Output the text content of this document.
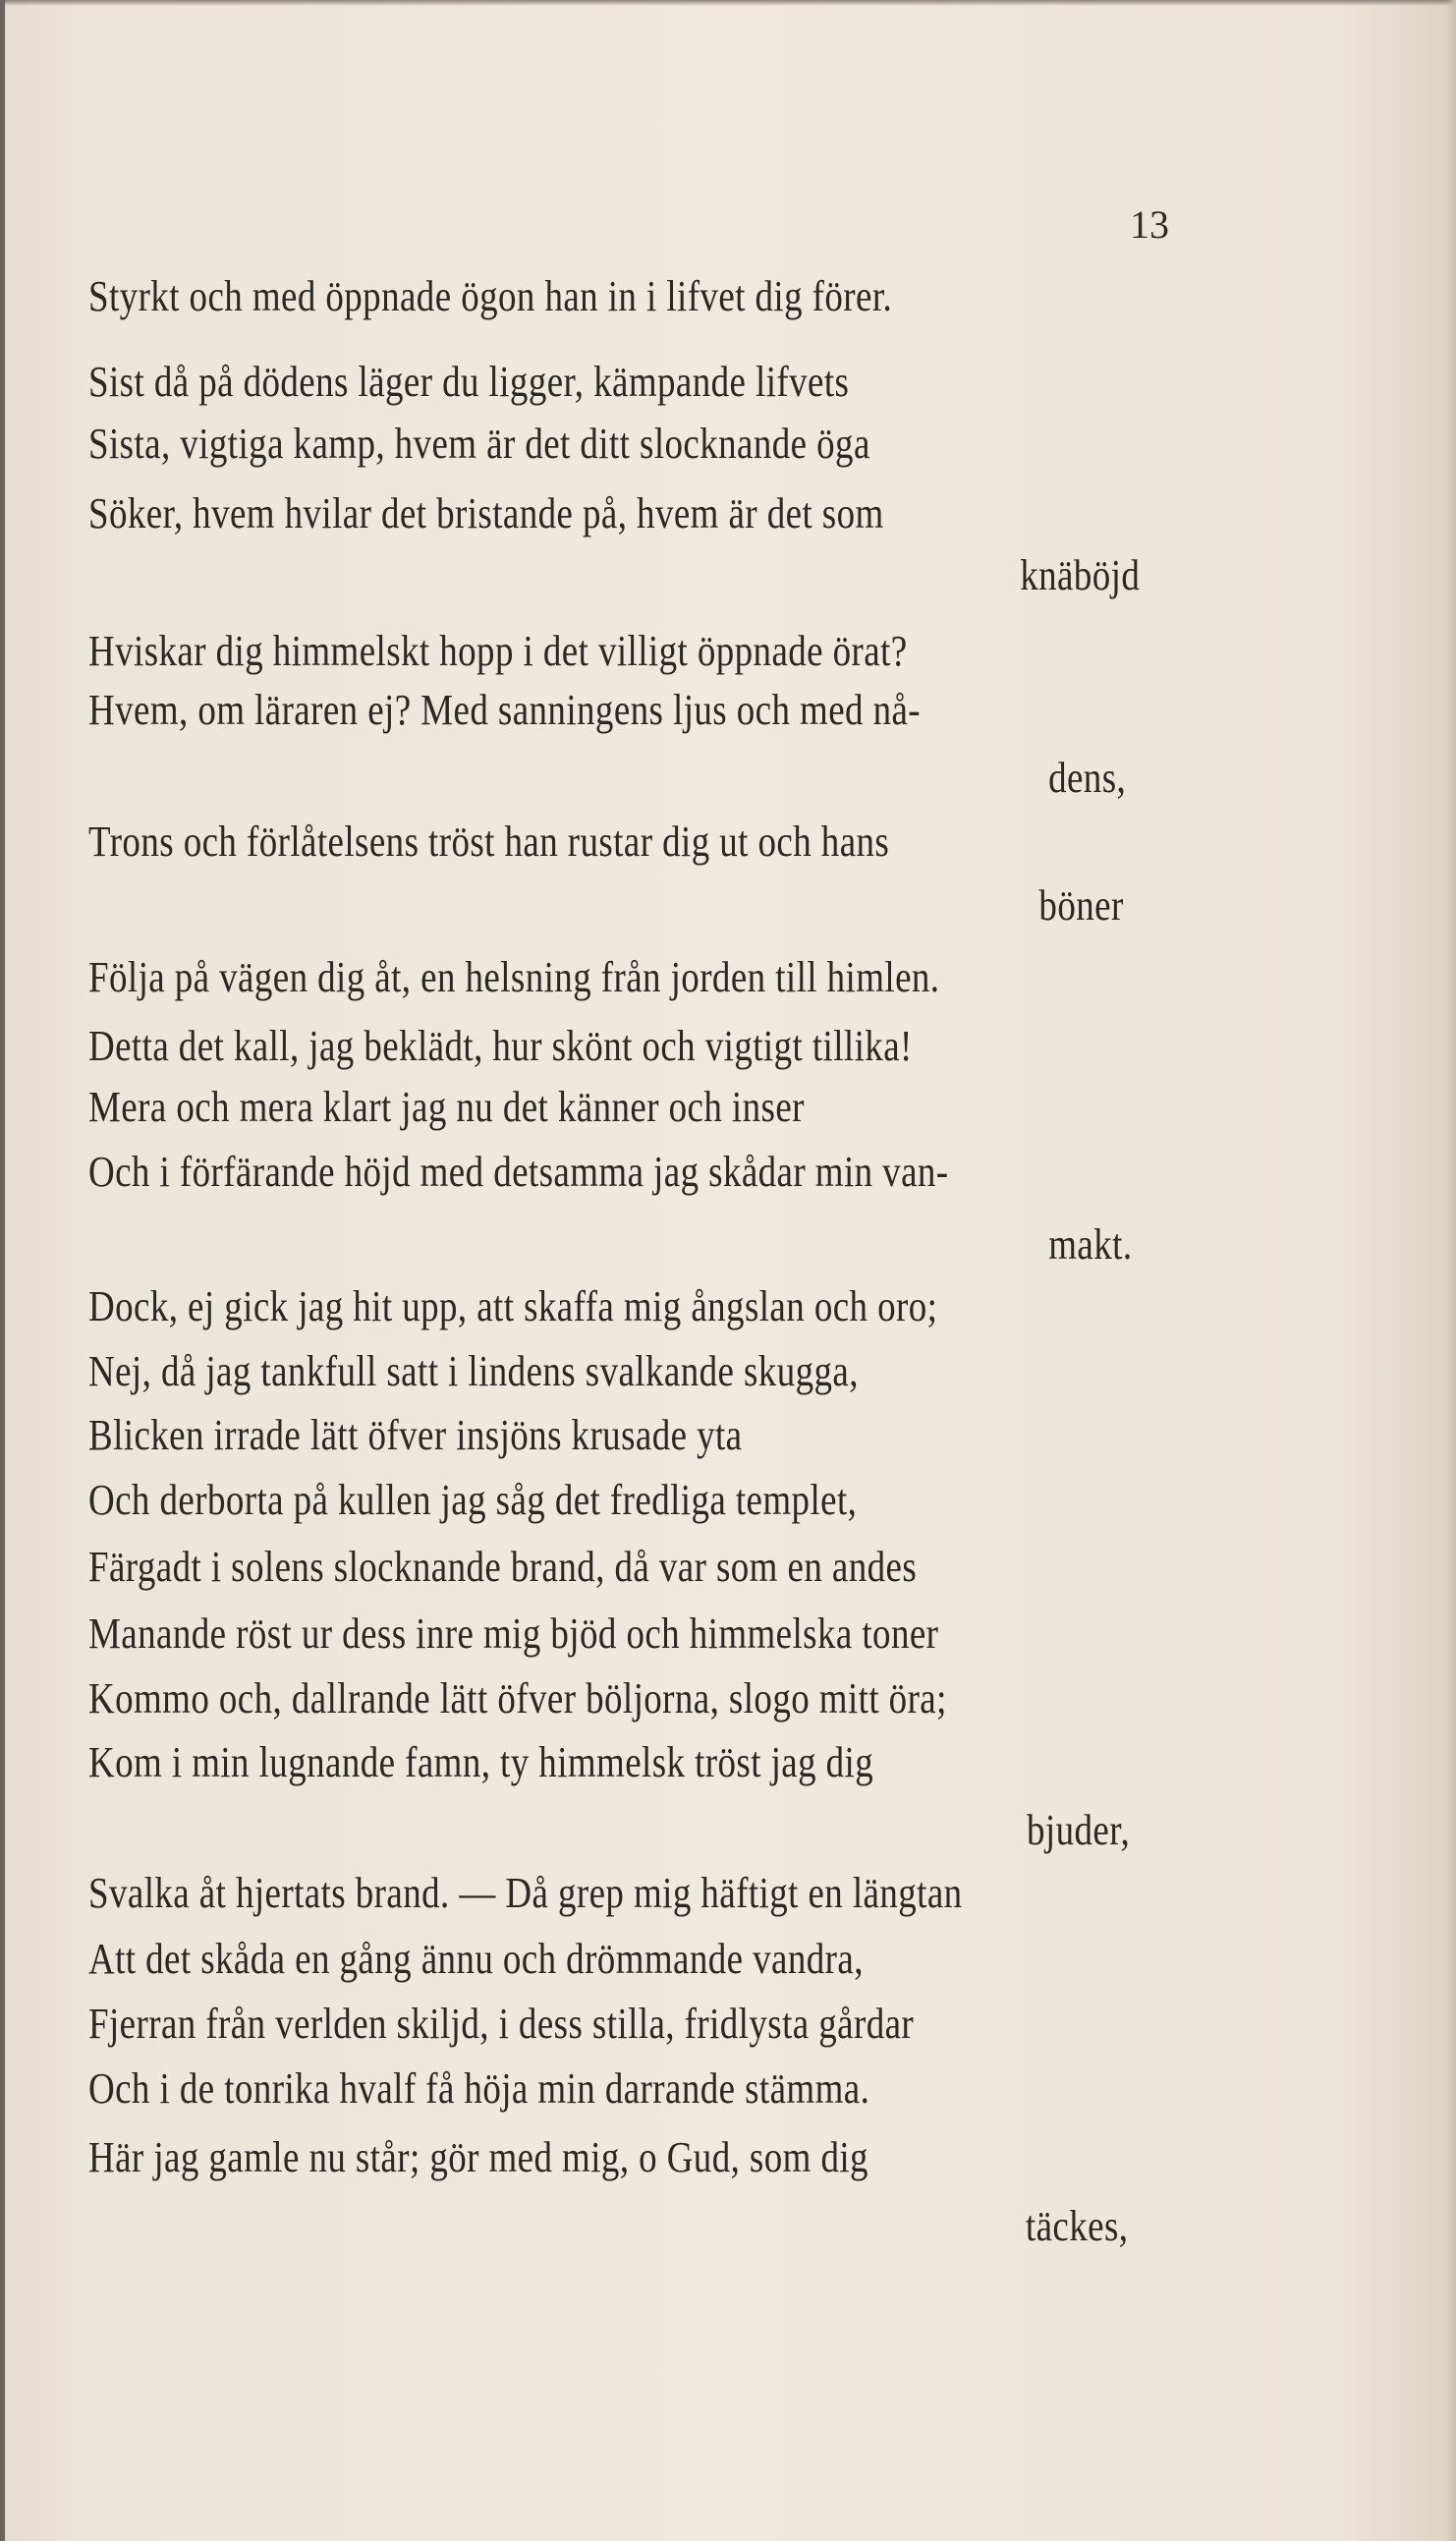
13

Styrkt och med öppnade ögon han in i lifvet dig förer.
Sist då på dödens läger du ligger, kämpande lifvets
Sista, vigtiga kamp, hvem är det ditt slocknande öga
Söker, hvem hvilar det bristande på, hvem är det som
knäböjd
Hviskar dig himmelskt hopp i det villigt öppnade örat?
Hvem, om läraren ej? Med sanningens ljus och med nå-
dens,
Trons och förlåtelsens tröst han rustar dig ut och hans
böner
Följa på vägen dig åt, en helsning från jorden till himlen.
Detta det kall, jag beklädt, hur skönt och vigtigt tillika!
Mera och mera klart jag nu det känner och inser
Och i förfärande höjd med detsamma jag skådar min van-
makt.
Dock, ej gick jag hit upp, att skaffa mig ångslan och oro;
Nej, då jag tankfull satt i lindens svalkande skugga,
Blicken irrade lätt öfver insjöns krusade yta
Och derborta på kullen jag såg det fredliga templet,
Färgadt i solens slocknande brand, då var som en andes
Manande röst ur dess inre mig bjöd och himmelska toner
Kommo och, dallrande lätt öfver böljorna, slogo mitt öra;
Kom i min lugnande famn, ty himmelsk tröst jag dig
bjuder,
Svalka åt hjertats brand. — Då grep mig häftigt en längtan
Att det skåda en gång ännu och drömmande vandra,
Fjerran från verlden skiljd, i dess stilla, fridlysta gårdar
Och i de tonrika hvalf få höja min darrande stämma.
Här jag gamle nu står; gör med mig, o Gud, som dig
täckes,
